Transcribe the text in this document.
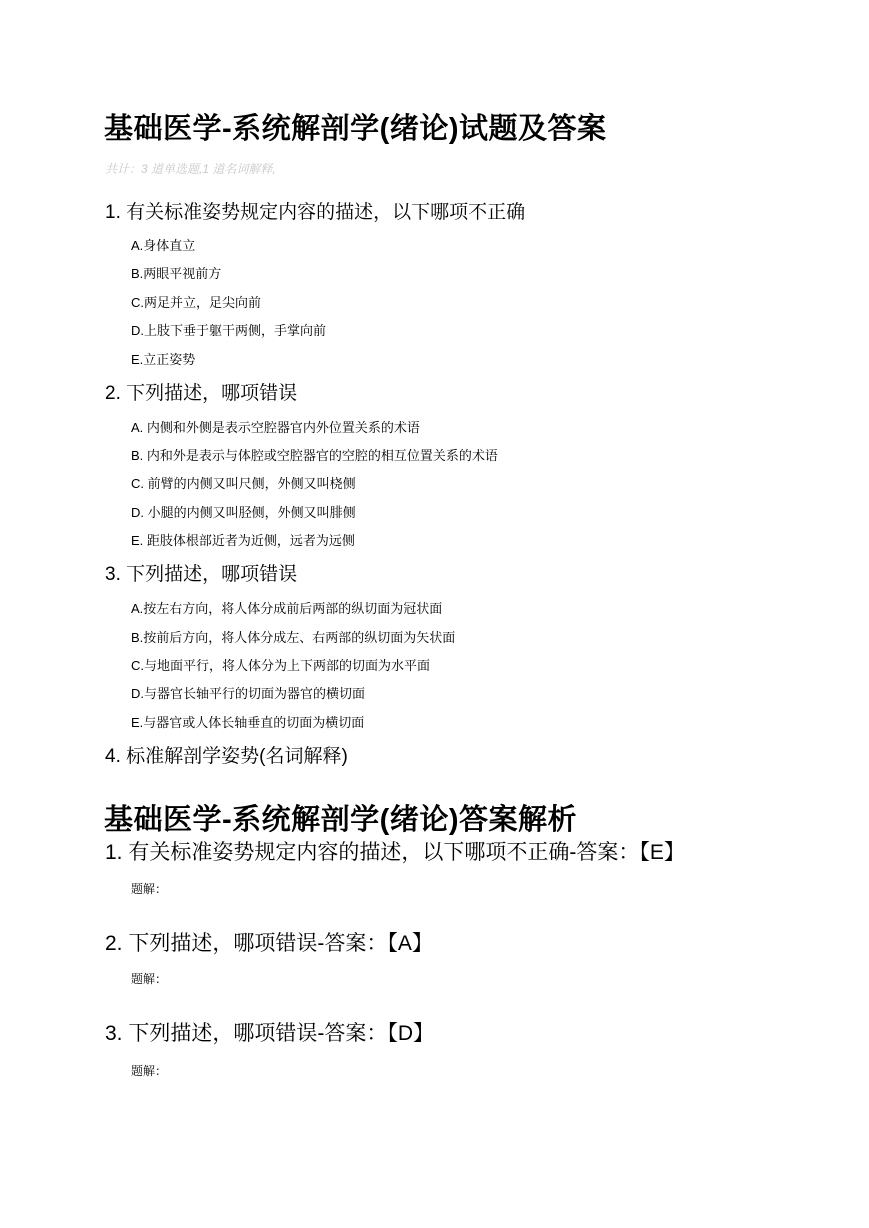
基础医学-系统解剖学(绪论)试题及答案
共计：3 道单选题,1 道名词解释,
1. 有关标准姿势规定内容的描述，以下哪项不正确
A.身体直立
B.两眼平视前方
C.两足并立，足尖向前
D.上肢下垂于躯干两侧，手掌向前
E.立正姿势
2. 下列描述，哪项错误
A. 内侧和外侧是表示空腔器官内外位置关系的术语
B. 内和外是表示与体腔或空腔器官的空腔的相互位置关系的术语
C. 前臂的内侧又叫尺侧，外侧又叫桡侧
D. 小腿的内侧又叫胫侧，外侧又叫腓侧
E. 距肢体根部近者为近侧，远者为远侧
3. 下列描述，哪项错误
A.按左右方向，将人体分成前后两部的纵切面为冠状面
B.按前后方向，将人体分成左、右两部的纵切面为矢状面
C.与地面平行，将人体分为上下两部的切面为水平面
D.与器官长轴平行的切面为器官的横切面
E.与器官或人体长轴垂直的切面为横切面
4. 标准解剖学姿势(名词解释)
基础医学-系统解剖学(绪论)答案解析
1. 有关标准姿势规定内容的描述，以下哪项不正确-答案：【E】
题解：
2. 下列描述，哪项错误-答案：【A】
题解：
3. 下列描述，哪项错误-答案：【D】
题解：
